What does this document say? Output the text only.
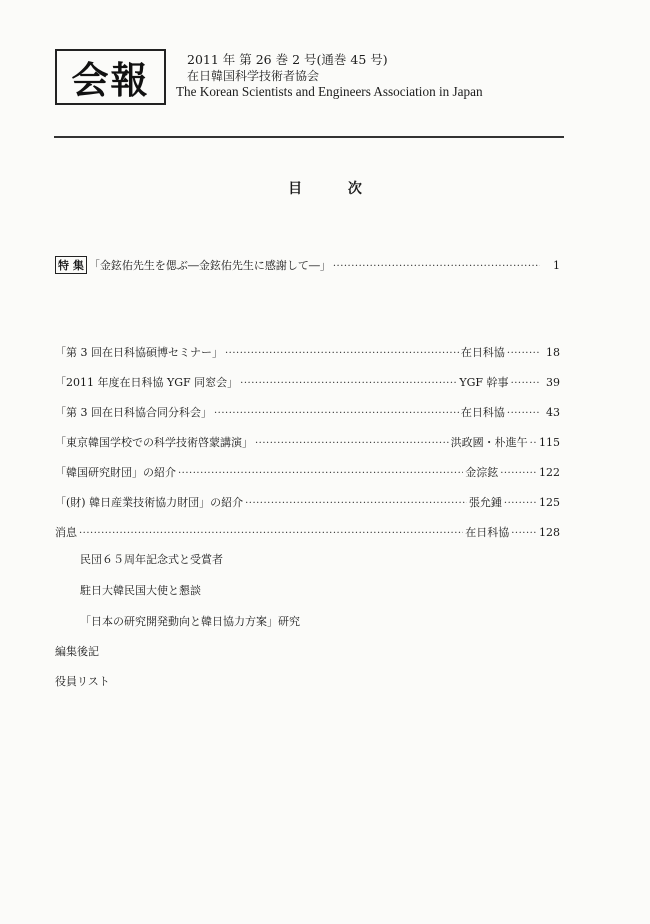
会報	2011 年 第 26 巻 2 号(通巻 45 号)
在日韓国科学技術者協会
The Korean Scientists and Engineers Association in Japan
目	次
特 集 「金鉉佑先生を偲ぶ―金鉉佑先生に感謝して―」 ·····	1
「第 3 回在日科協碩博セミナー」 ·····	在日科協 ········· 18
「2011 年度在日科協 YGF 同窓会」 ·····	YGF 幹事 ········ 39
「第 3 回在日科協合同分科会」 ·····	在日科協 ········· 43
「東京韓国学校での科学技術啓蒙講演」 ·····	洪政國・朴進午 ·· 115
「韓国研究財団」の紹介 ·····	金淙鉉 ·········· 122
「(財) 韓日産業技術協力財団」の紹介 ·····	張允鍾 ········· 125
消息 ·····	在日科協 ······· 128
民団６５周年記念式と受賞者
駐日大韓民国大使と懇談
「日本の研究開発動向と韓日協力方案」研究
編集後記
役員リスト
